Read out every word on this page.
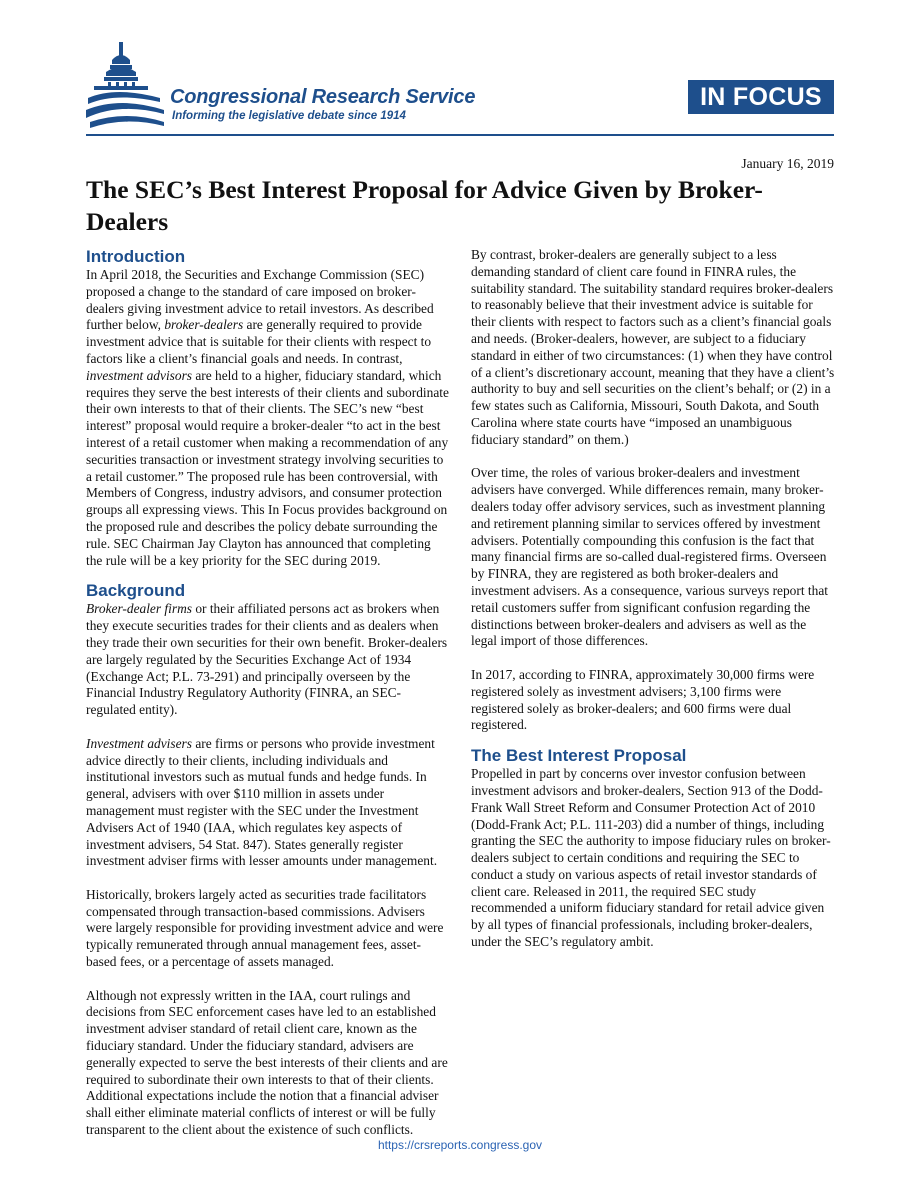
Congressional Research Service
Informing the legislative debate since 1914
IN FOCUS
January 16, 2019
The SEC’s Best Interest Proposal for Advice Given by Broker-Dealers
Introduction

In April 2018, the Securities and Exchange Commission (SEC) proposed a change to the standard of care imposed on broker-dealers giving investment advice to retail investors. As described further below, broker-dealers are generally required to provide investment advice that is suitable for their clients with respect to factors like a client’s financial goals and needs. In contrast, investment advisors are held to a higher, fiduciary standard, which requires they serve the best interests of their clients and subordinate their own interests to that of their clients. The SEC’s new “best interest” proposal would require a broker-dealer “to act in the best interest of a retail customer when making a recommendation of any securities transaction or investment strategy involving securities to a retail customer.” The proposed rule has been controversial, with Members of Congress, industry advisors, and consumer protection groups all expressing views. This In Focus provides background on the proposed rule and describes the policy debate surrounding the rule. SEC Chairman Jay Clayton has announced that completing the rule will be a key priority for the SEC during 2019.

Background

Broker-dealer firms or their affiliated persons act as brokers when they execute securities trades for their clients and as dealers when they trade their own securities for their own benefit. Broker-dealers are largely regulated by the Securities Exchange Act of 1934 (Exchange Act; P.L. 73-291) and principally overseen by the Financial Industry Regulatory Authority (FINRA, an SEC-regulated entity).

Investment advisers are firms or persons who provide investment advice directly to their clients, including individuals and institutional investors such as mutual funds and hedge funds. In general, advisers with over $110 million in assets under management must register with the SEC under the Investment Advisers Act of 1940 (IAA, which regulates key aspects of investment advisers, 54 Stat. 847). States generally register investment adviser firms with lesser amounts under management.

Historically, brokers largely acted as securities trade facilitators compensated through transaction-based commissions. Advisers were largely responsible for providing investment advice and were typically remunerated through annual management fees, asset-based fees, or a percentage of assets managed.

Although not expressly written in the IAA, court rulings and decisions from SEC enforcement cases have led to an established investment adviser standard of retail client care, known as the fiduciary standard. Under the fiduciary standard, advisers are generally expected to serve the best interests of their clients and are required to subordinate their own interests to that of their clients. Additional expectations include the notion that a financial adviser shall either eliminate material conflicts of interest or will be fully transparent to the client about the existence of such conflicts.

By contrast, broker-dealers are generally subject to a less demanding standard of client care found in FINRA rules, the suitability standard. The suitability standard requires broker-dealers to reasonably believe that their investment advice is suitable for their clients with respect to factors such as a client’s financial goals and needs. (Broker-dealers, however, are subject to a fiduciary standard in either of two circumstances: (1) when they have control of a client’s discretionary account, meaning that they have a client’s authority to buy and sell securities on the client’s behalf; or (2) in a few states such as California, Missouri, South Dakota, and South Carolina where state courts have “imposed an unambiguous fiduciary standard” on them.)

Over time, the roles of various broker-dealers and investment advisers have converged. While differences remain, many broker-dealers today offer advisory services, such as investment planning and retirement planning similar to services offered by investment advisers. Potentially compounding this confusion is the fact that many financial firms are so-called dual-registered firms. Overseen by FINRA, they are registered as both broker-dealers and investment advisers. As a consequence, various surveys report that retail customers suffer from significant confusion regarding the distinctions between broker-dealers and advisers as well as the legal import of those differences.

In 2017, according to FINRA, approximately 30,000 firms were registered solely as investment advisers; 3,100 firms were registered solely as broker-dealers; and 600 firms were dual registered.

The Best Interest Proposal

Propelled in part by concerns over investor confusion between investment advisors and broker-dealers, Section 913 of the Dodd-Frank Wall Street Reform and Consumer Protection Act of 2010 (Dodd-Frank Act; P.L. 111-203) did a number of things, including granting the SEC the authority to impose fiduciary rules on broker-dealers subject to certain conditions and requiring the SEC to conduct a study on various aspects of retail investor standards of client care. Released in 2011, the required SEC study recommended a uniform fiduciary standard for retail advice given by all types of financial professionals, including broker-dealers, under the SEC’s regulatory ambit.

https://crsreports.congress.gov
